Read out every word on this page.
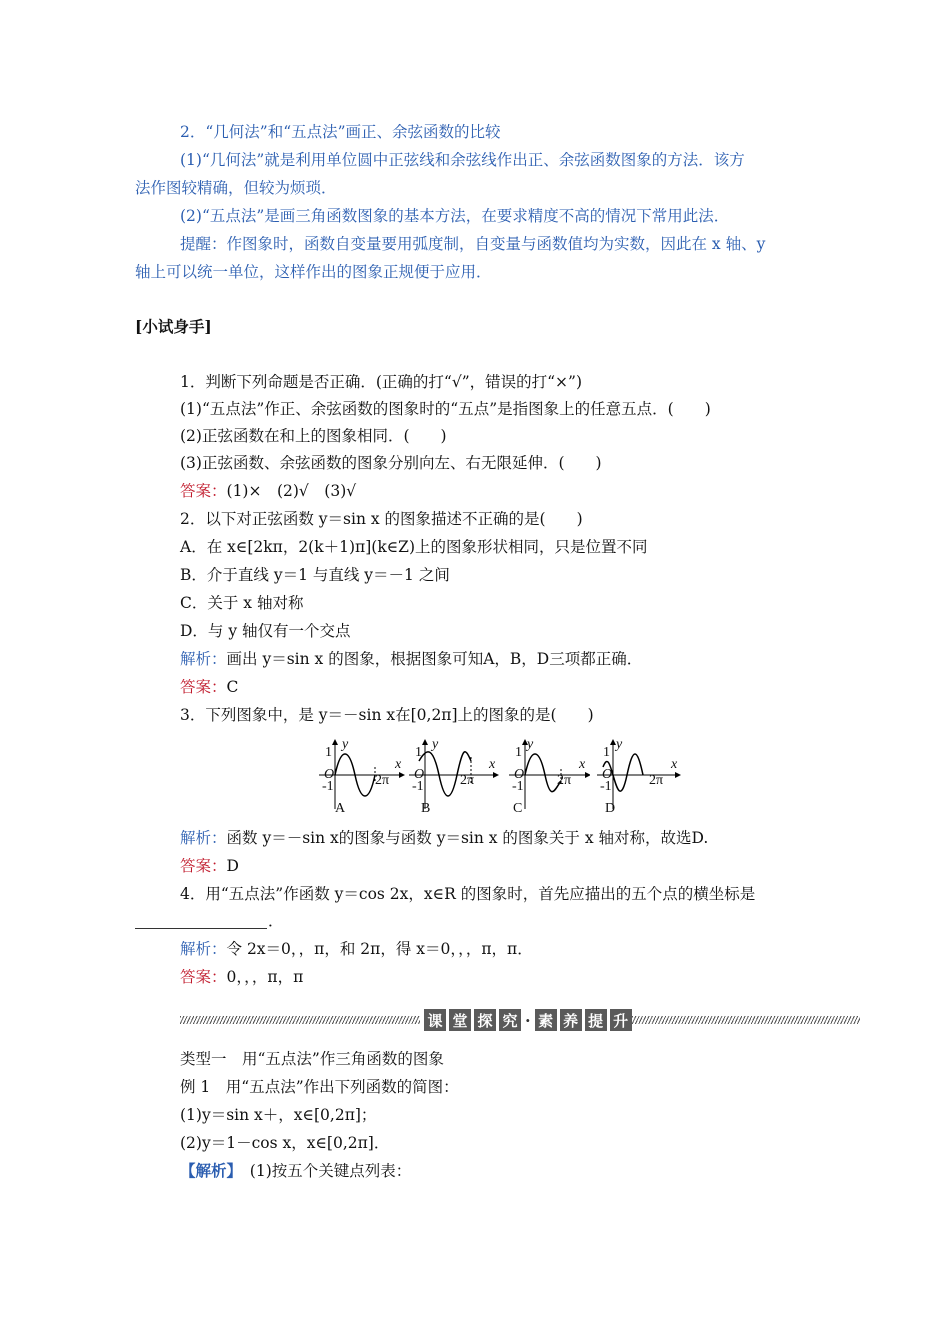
2．“几何法”和“五点法”画正、余弦函数的比较
(1)“几何法”就是利用单位圆中正弦线和余弦线作出正、余弦函数图象的方法．该方
法作图较精确，但较为烦琐．
(2)“五点法”是画三角函数图象的基本方法，在要求精度不高的情况下常用此法．
提醒：作图象时，函数自变量要用弧度制，自变量与函数值均为实数，因此在 x 轴、y
轴上可以统一单位，这样作出的图象正规便于应用．
[小试身手]
1．判断下列命题是否正确．(正确的打“√”，错误的打“×”)
(1)“五点法”作正、余弦函数的图象时的“五点”是指图象上的任意五点．(　　)
(2)正弦函数在和上的图象相同．(　　)
(3)正弦函数、余弦函数的图象分别向左、右无限延伸．(　　)
答案：(1)×　(2)√　(3)√
2．以下对正弦函数 y＝sin x 的图象描述不正确的是(　　)
A．在 x∈[2kπ，2(k＋1)π](k∈Z)上的图象形状相同，只是位置不同
B．介于直线 y＝1 与直线 y＝－1 之间
C．关于 x 轴对称
D．与 y 轴仅有一个交点
解析：画出 y＝sin x 的图象，根据图象可知A，B，D三项都正确．
答案：C
3．下列图象中，是 y＝－sin x在[0,2π]上的图象的是(　　)
y
x
1
O
-1	2π
A
y
x
1
O
-1	2π
B
y
x
1
O
-1 2π
C
y
x
1
O
-1	2π
D
解析：函数 y＝－sin x的图象与函数 y＝sin x 的图象关于 x 轴对称，故选D.
答案：D
4．用“五点法”作函数 y＝cos 2x，x∈R 的图象时，首先应描出的五个点的横坐标是
．
解析：令 2x＝0，，π，和 2π，得 x＝0，，，π，π．
答案：0，，，π，π
课 堂 探 究 · 素 养 提 升
类型一　用“五点法”作三角函数的图象
例 1　用“五点法”作出下列函数的简图：
(1)y＝sin x＋，x∈[0,2π]；
(2)y＝1－cos x，x∈[0,2π]．
【解析】　 (1)按五个关键点列表：
